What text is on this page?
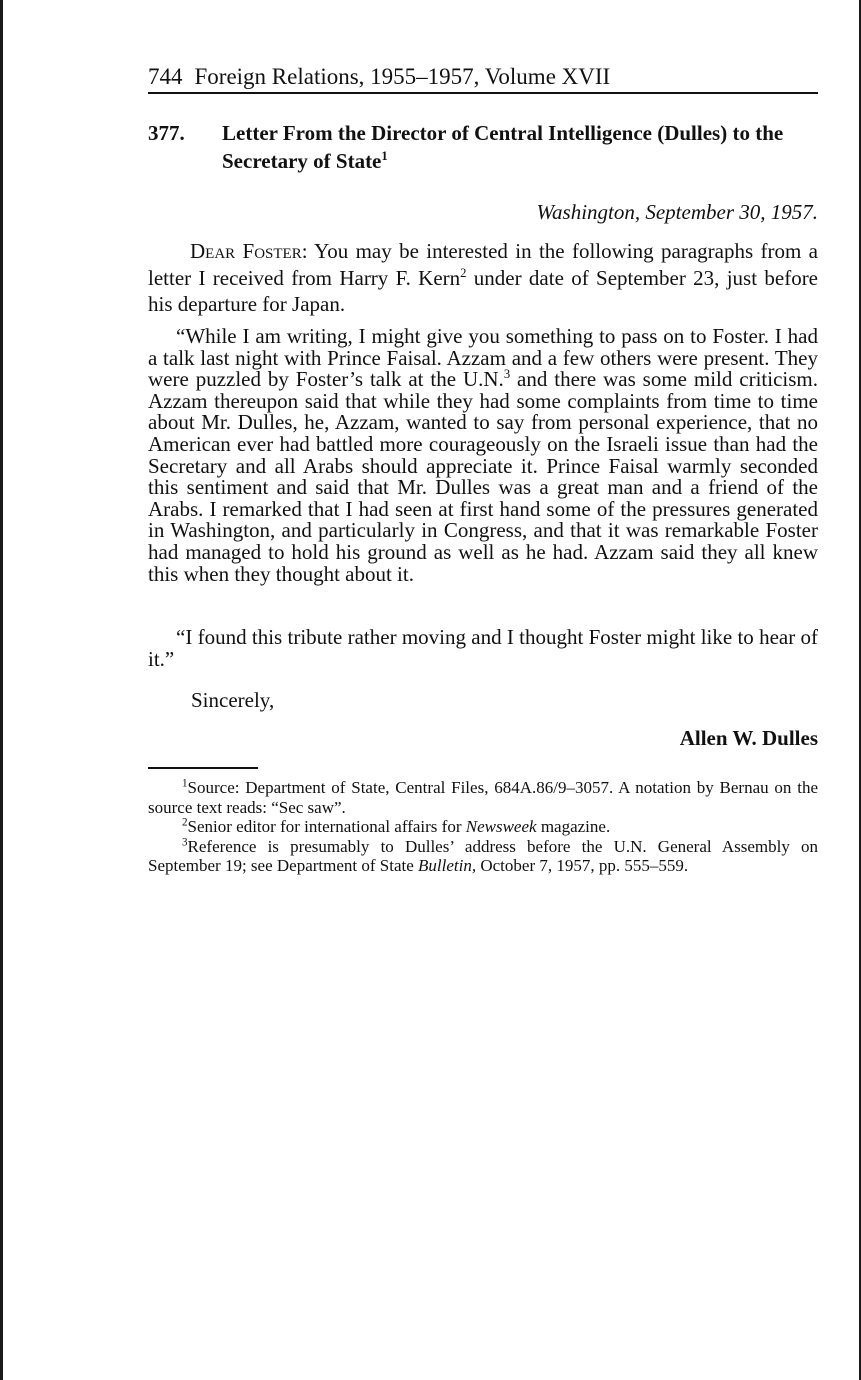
744 Foreign Relations, 1955–1957, Volume XVII
377. Letter From the Director of Central Intelligence (Dulles) to the Secretary of State$^1$
Washington, September 30, 1957.

Dear Foster: You may be interested in the following paragraphs from a letter I received from Harry F. Kern$^2$ under date of September 23, just before his departure for Japan.

“While I am writing, I might give you something to pass on to Foster. I had a talk last night with Prince Faisal. Azzam and a few others were present. They were puzzled by Foster’s talk at the U.N.$^3$ and there was some mild criticism. Azzam thereupon said that while they had some complaints from time to time about Mr. Dulles, he, Azzam, wanted to say from personal experience, that no American ever had battled more courageously on the Israeli issue than had the Secretary and all Arabs should appreciate it. Prince Faisal warmly seconded this sentiment and said that Mr. Dulles was a great man and a friend of the Arabs. I remarked that I had seen at first hand some of the pressures generated in Washington, and particularly in Congress, and that it was remarkable Foster had managed to hold his ground as well as he had. Azzam said they all knew this when they thought about it.

“I found this tribute rather moving and I thought Foster might like to hear of it.”

Sincerely,
Allen W. Dulles

$^1$Source: Department of State, Central Files, 684A.86/9–3057. A notation by Bernau on the source text reads: “Sec saw”.

$^2$Senior editor for international affairs for Newsweek magazine.

$^3$Reference is presumably to Dulles’ address before the U.N. General Assembly on September 19; see Department of State Bulletin, October 7, 1957, pp. 555–559.
